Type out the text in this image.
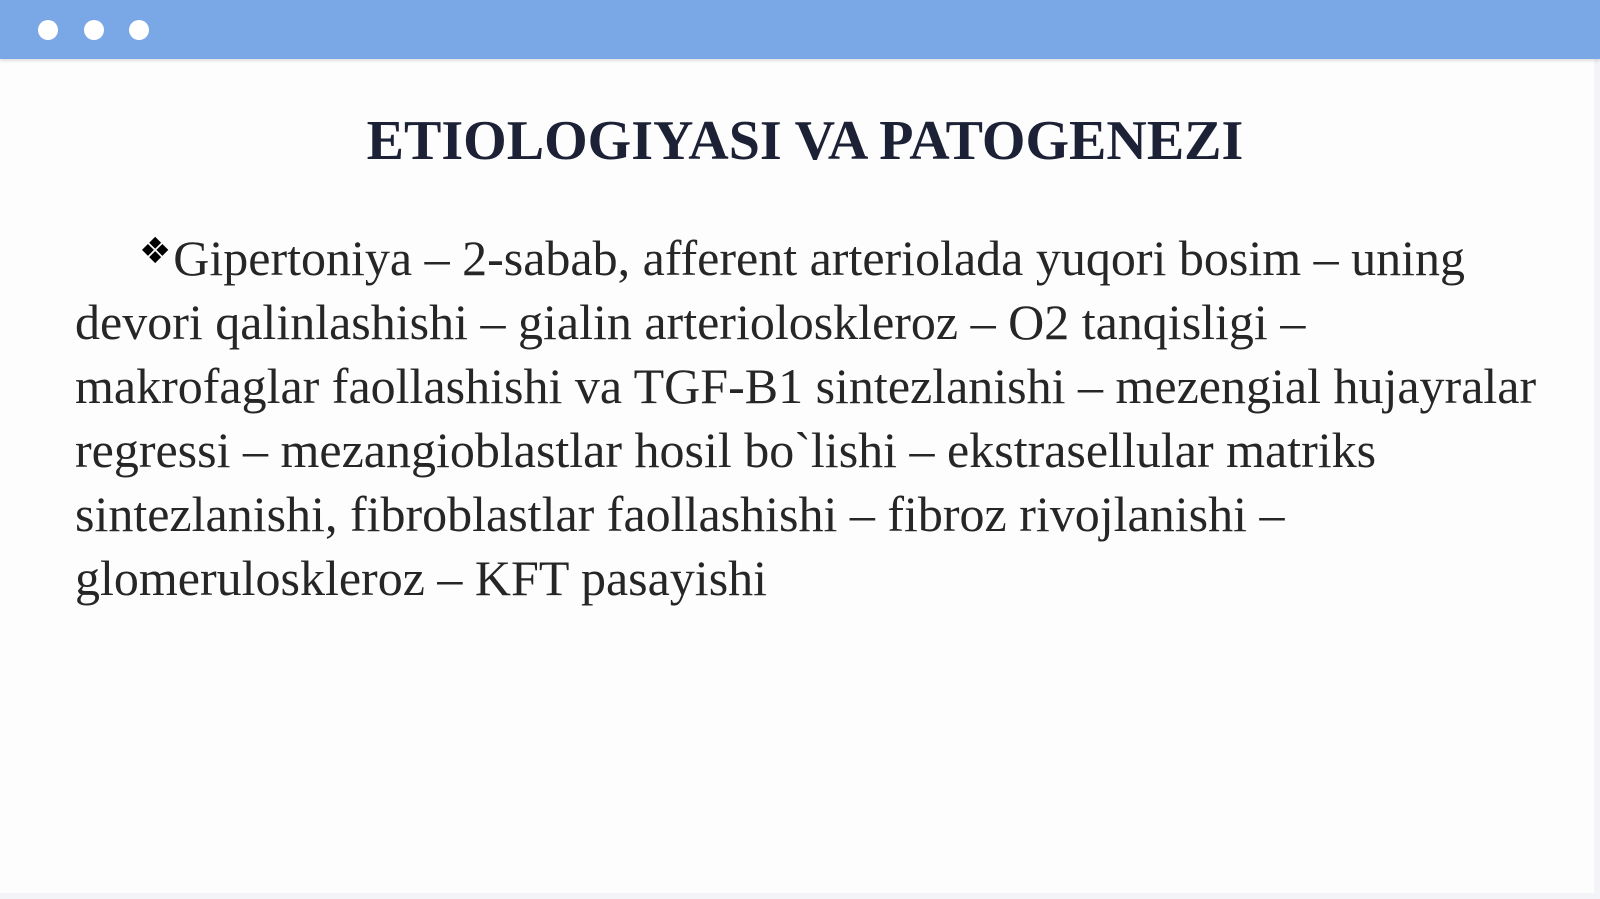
ETIOLOGIYASI VA PATOGENEZI

❖Gipertoniya – 2-sabab, afferent arteriolada yuqori bosim – uning devori qalinlashishi – gialin arterioloskleroz – O2 tanqisligi – makrofaglar faollashishi va TGF-B1 sintezlanishi – mezengial hujayralar regressi – mezangioblastlar hosil bo`lishi – ekstrasellular matriks sintezlanishi, fibroblastlar faollashishi – fibroz rivojlanishi – glomeruloskleroz – KFT pasayishi
